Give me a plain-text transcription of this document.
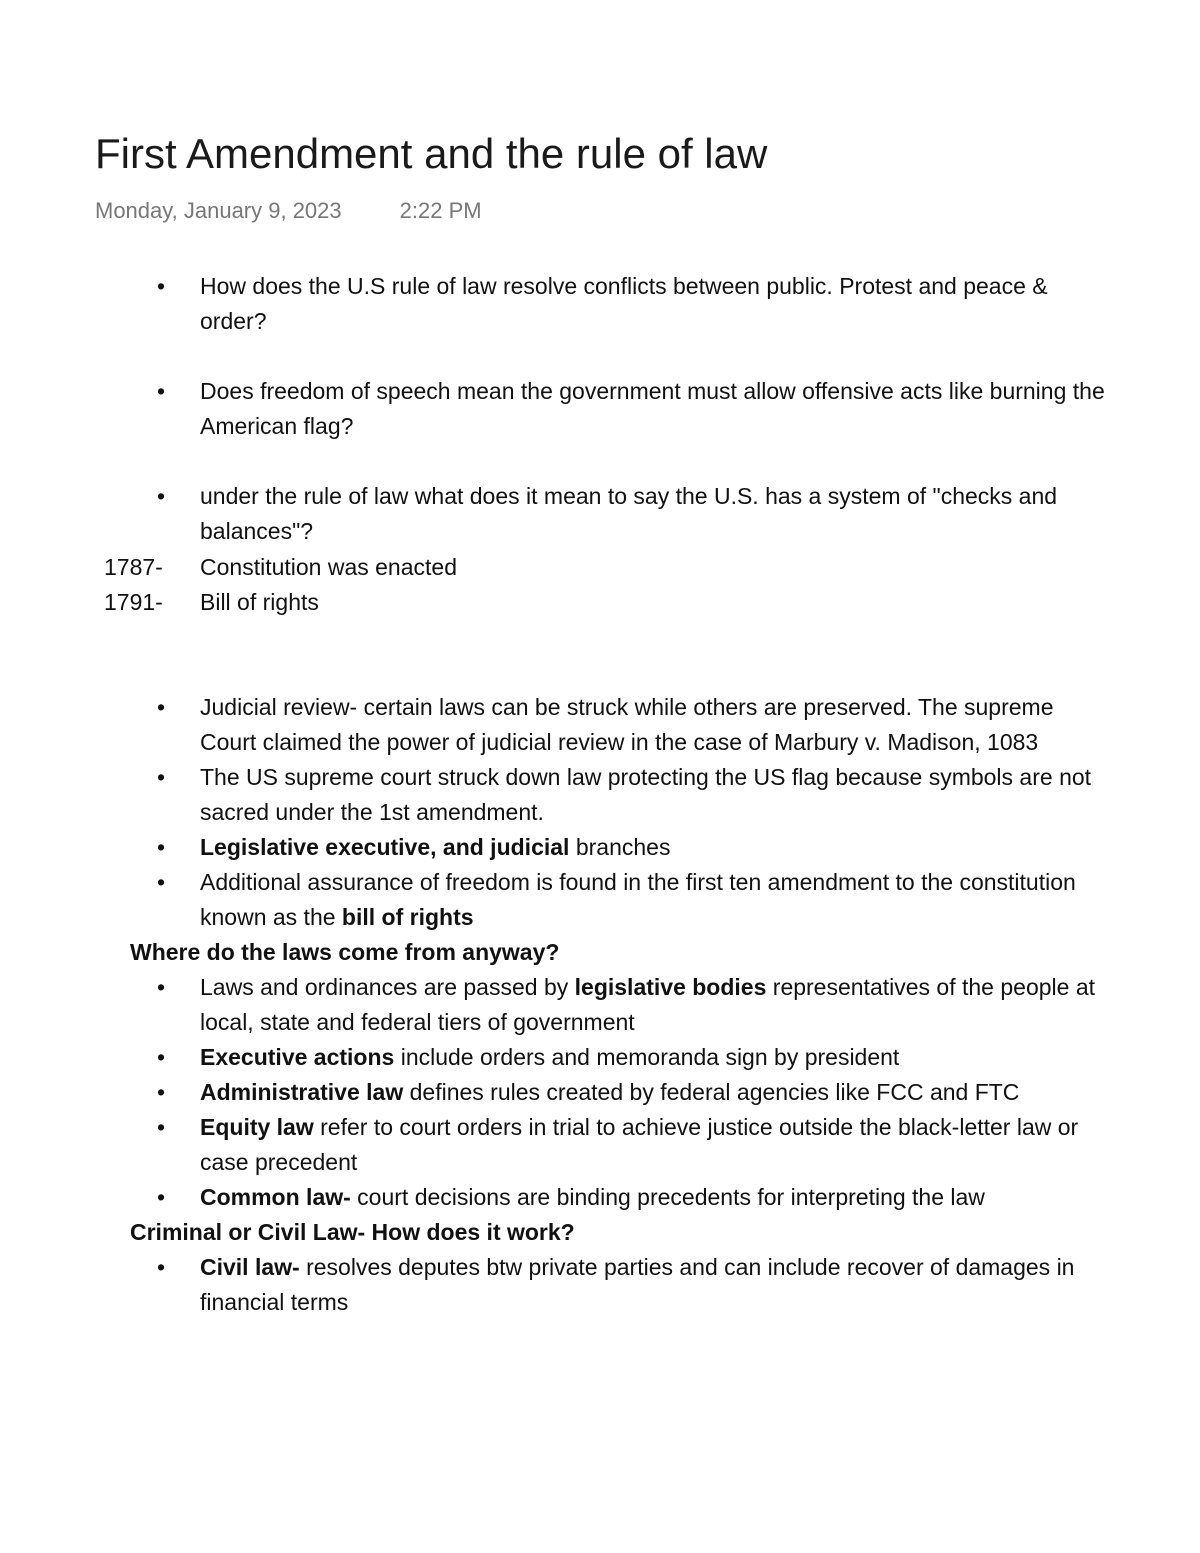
First Amendment and the rule of law
Monday, January 9, 2023	2:22 PM
• How does the U.S rule of law resolve conflicts between public. Protest and peace & order?
• Does freedom of speech mean the government must allow offensive acts like burning the American flag?
• under the rule of law what does it mean to say the U.S. has a system of "checks and balances"?
1787- Constitution was enacted
1791- Bill of rights
• Judicial review- certain laws can be struck while others are preserved. The supreme Court claimed the power of judicial review in the case of Marbury v. Madison, 1083
• The US supreme court struck down law protecting the US flag because symbols are not sacred under the 1st amendment.
• Legislative executive, and judicial branches
• Additional assurance of freedom is found in the first ten amendment to the constitution known as the bill of rights
Where do the laws come from anyway?
• Laws and ordinances are passed by legislative bodies representatives of the people at local, state and federal tiers of government
• Executive actions include orders and memoranda sign by president
• Administrative law defines rules created by federal agencies like FCC and FTC
• Equity law refer to court orders in trial to achieve justice outside the black-letter law or case precedent
• Common law- court decisions are binding precedents for interpreting the law
Criminal or Civil Law- How does it work?
• Civil law- resolves deputes btw private parties and can include recover of damages in financial terms
